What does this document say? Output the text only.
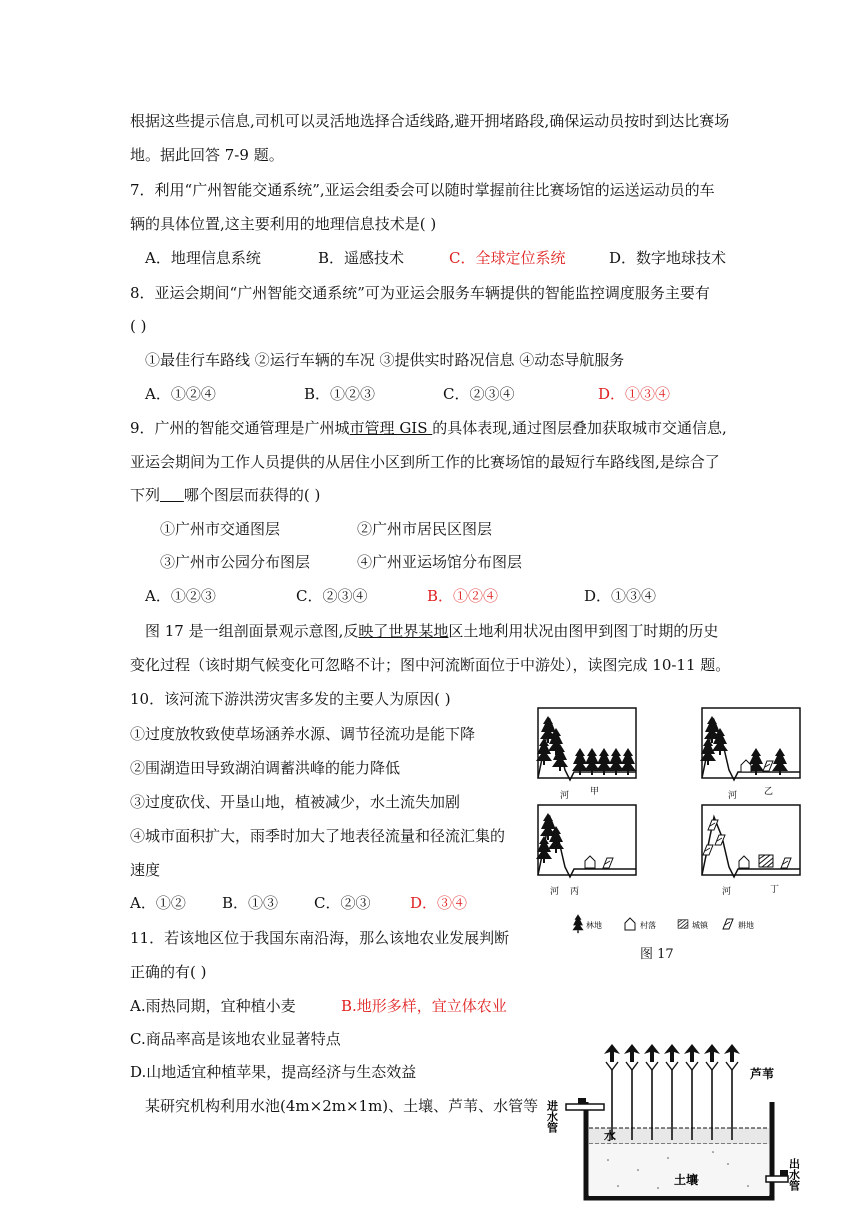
根据这些提示信息,司机可以灵活地选择合适线路,避开拥堵路段,确保运动员按时到达比赛场
地。据此回答 7-9 题。
7．利用“广州智能交通系统”,亚运会组委会可以随时掌握前往比赛场馆的运送运动员的车
辆的具体位置,这主要利用的地理信息技术是( )
A．地理信息系统	B．遥感技术	C．全球定位系统	D．数字地球技术
8．亚运会期间“广州智能交通系统”可为亚运会服务车辆提供的智能监控调度服务主要有
( )
①最佳行车路线 ②运行车辆的车况 ③提供实时路况信息 ④动态导航服务
A．①②④	B．①②③	C．②③④	D．①③④
9．广州的智能交通管理是广州城市管理 GIS 的具体表现,通过图层叠加获取城市交通信息,
亚运会期间为工作人员提供的从居住小区到所工作的比赛场馆的最短行车路线图,是综合了
下列 哪个图层而获得的( )
①广州市交通图层	②广州市居民区图层
③广州市公园分布图层	④广州亚运场馆分布图层
A．①②③	C．②③④	B．①②④	D．①③④
图 17 是一组剖面景观示意图,反映了世界某地区土地利用状况由图甲到图丁时期的历史
变化过程（该时期气候变化可忽略不计；图中河流断面位于中游处），读图完成 10-11 题。
10．该河流下游洪涝灾害多发的主要人为原因( )
①过度放牧致使草场涵养水源、调节径流功是能下降
②围湖造田导致湖泊调蓄洪峰的能力降低
③过度砍伐、开垦山地，植被减少，水土流失加剧
④城市面积扩大，雨季时加大了地表径流量和径流汇集的
速度
A．①② B．①③ C．②③	D．③④
11．若该地区位于我国东南沿海，那么该地农业发展判断
正确的有( )
A.雨热同期，宜种植小麦	B.地形多样，宜立体农业
C.商品率高是该地农业显著特点
D.山地适宜种植苹果，提高经济与生态效益
某研究机构利用水池(4m×2m×1m)、土壤、芦苇、水管等
河 甲	河	乙
河 丙	河	丁
林地	村落	城镇	耕地
图 17
芦苇
水
土壤
进水管
出水管
